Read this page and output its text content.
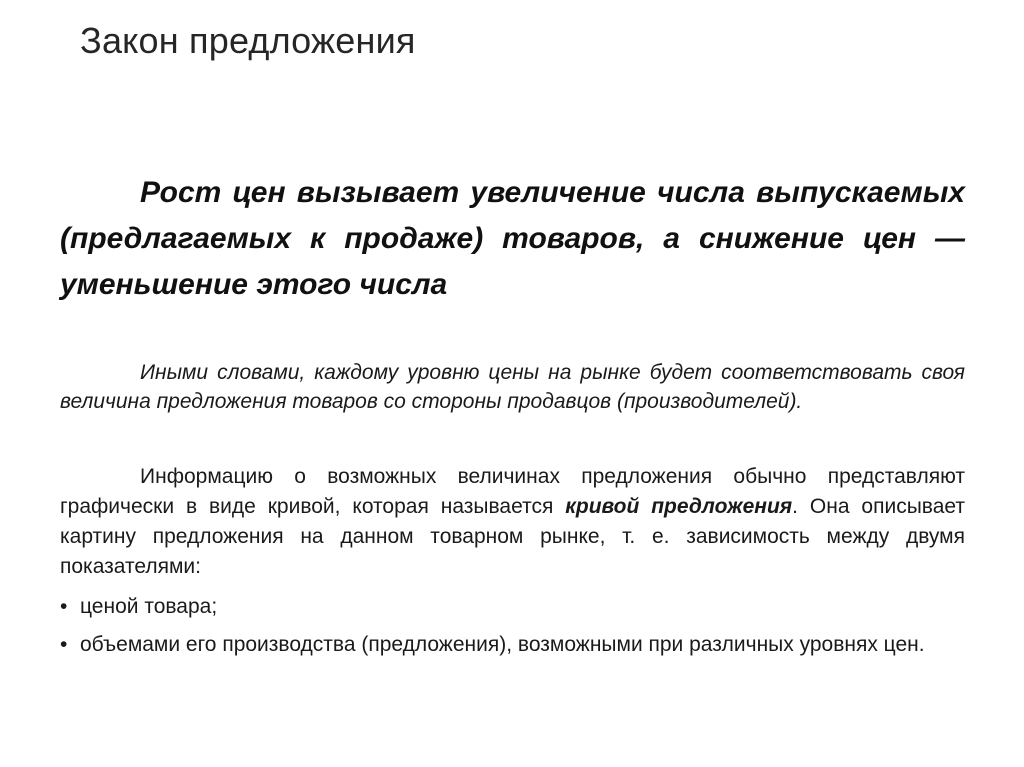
Закон предложения

Рост цен вызывает увеличение числа выпускаемых (предлагаемых к продаже) товаров, а снижение цен — уменьшение этого числа

Иными словами, каждому уровню цены на рынке будет соответствовать своя величина предложения товаров со стороны продавцов (производителей).

Информацию о возможных величинах предложения обычно представляют графически в виде кривой, которая называется кривой предложения. Она описывает картину предложения на данном товарном рынке, т. е. зависимость между двумя показателями:

• ценой товара;
• объемами его производства (предложения), возможными при различных уровнях цен.
